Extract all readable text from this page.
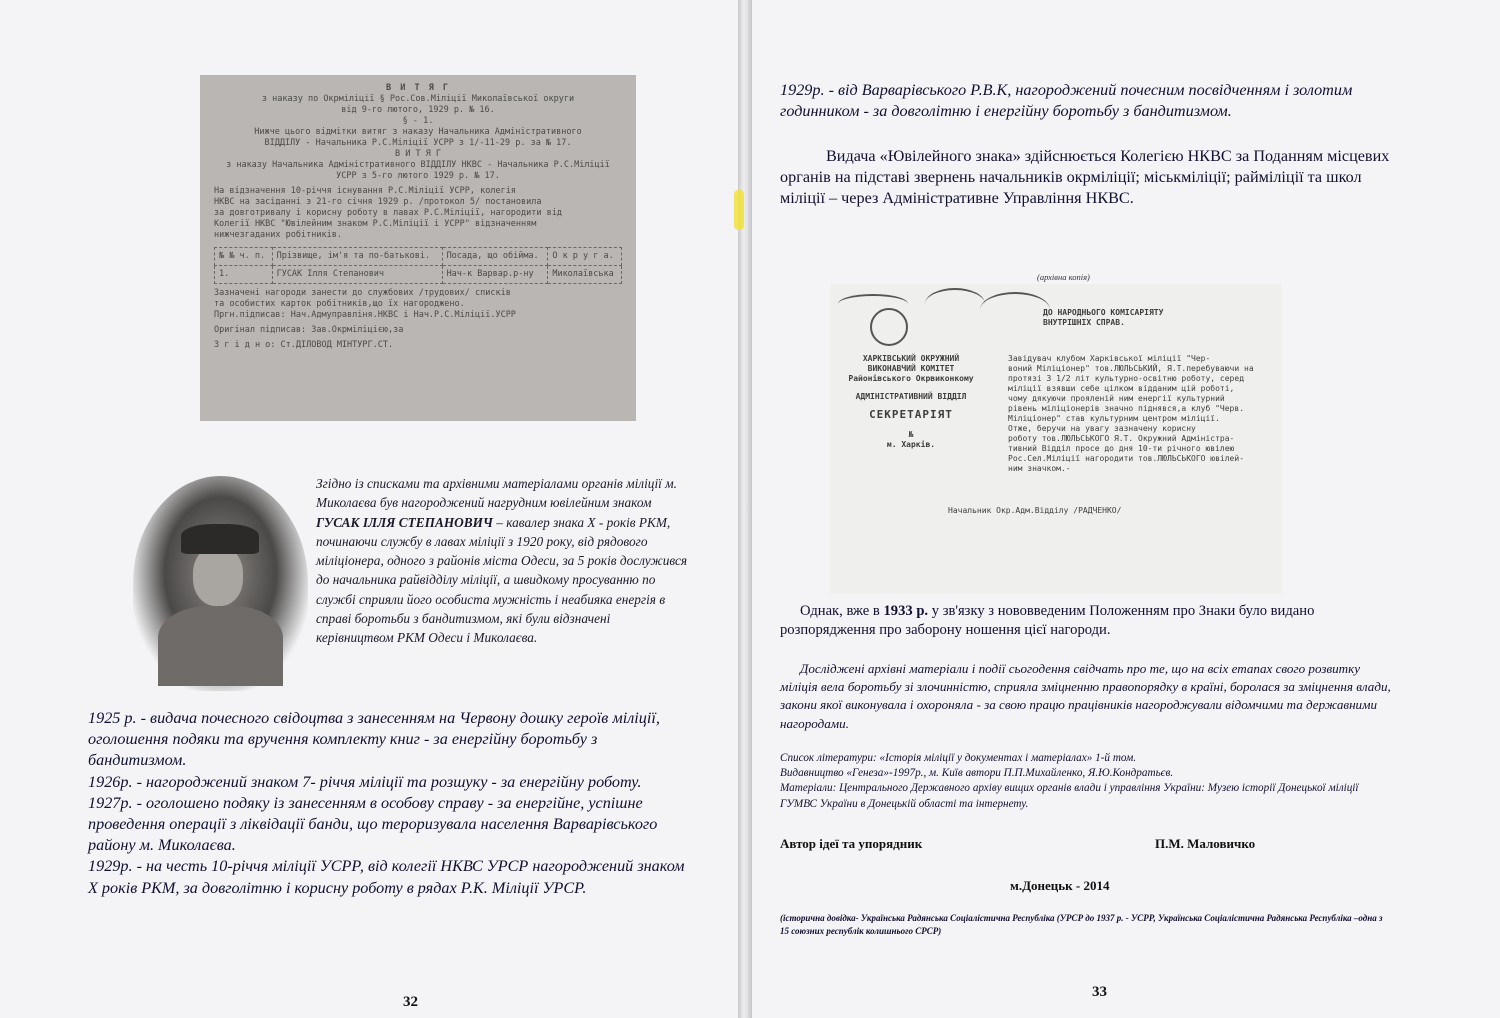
В И Т Я Г
з наказу по Окрміліції § Рос.Сов.Міліції Миколаївської округи
від 9-го лютого, 1929 р. № 16.
§ - 1.
Нижче цього відмітки витяг з наказу Начальника Адміністративного
ВІДДІЛУ - Начальника Р.С.Міліції УСРР з 1/-11-29 р. за № 17.
В И Т Я Г
з наказу Начальника Адміністративного ВІДДІЛУ НКВС - Начальника Р.С.Міліції
УСРР з 5-го лютого 1929 р. № 17.
На відзначення 10-річчя існування Р.С.Міліції УСРР, колегія
НКВС на засіданні з 21-го січня 1929 р. /протокол 5/ постановила
за довготривалу і корисну роботу в лавах Р.С.Міліції, нагородити від
Колегії НКВС "Ювілейним знаком Р.С.Міліції і УСРР" відзначенням
нижчезгаданих робітників.
№ № ч. п.	Прізвище, ім'я та по-батькові.	Посада, що обійма.	О к р у г а.
1.	ГУСАК Ілля Степанович	Нач-к Варвар.р-ну	Миколаївська
Зазначені нагороди занести до службових /трудових/ списків
та особистих карток робітників,що їх нагороджено.
Пргн.підписав: Нач.Адмуправліня.НКВС і Нач.Р.С.Міліції.УСРР
Оригінал підписав: Зав.Окрміліцією,за
З г і д н о: Ст.ДІЛОВОД МІНТУРГ.СТ.
Згідно із списками та архівними матеріалами органів міліції м. Миколаєва був нагороджений нагрудним ювілейним знаком ГУСАК ІЛЛЯ СТЕПАНОВИЧ – кавалер знака Х - років РКМ, починаючи службу в лавах міліції з 1920 року, від рядового міліціонера, одного з районів міста Одеси, за 5 років дослужився до начальника райвідділу міліції, а швидкому просуванню по службі сприяли його особиста мужність і неабияка енергія в справі боротьби з бандитизмом, які були відзначені керівництвом РКМ Одеси і Миколаєва.

1925 р. - видача почесного свідоцтва з занесенням на Червону дошку героїв міліції, оголошення подяки та вручення комплекту книг - за енергійну боротьбу з бандитизмом.

1926р. - нагороджений знаком 7- річчя міліції та розшуку - за енергійну роботу.

1927р. - оголошено подяку із занесенням в особову справу - за енергійне, успішне проведення операції з ліквідації банди, що тероризувала населення Варварівського району м. Миколаєва.

1929р. - на честь 10-річчя міліції УСРР, від колегії НКВС УРСР нагороджений знаком Х років РКМ, за довголітню і корисну роботу в рядах Р.К. Міліції УРСР.

32

1929р. - від Варварівського Р.В.К, нагороджений почесним посвідченням і золотим годинником - за довголітню і енергійну боротьбу з бандитизмом.

Видача «Ювілейного знака» здійснюється Колегією НКВС за Поданням місцевих органів на підставі звернень начальників окрміліції; міськміліції; райміліції та школ міліції – через Адміністративне Управління НКВС.

(архівна копія)
ДО НАРОДНЬОГО КОМІСАРІЯТУ
ВНУТРІШНІХ СПРАВ.
ХАРКІВСЬКИЙ ОКРУЖНИЙ
ВИКОНАВЧИЙ КОМІТЕТ
Районівського Окрвиконкому
АДМІНІСТРАТИВНИЙ ВІДДІЛ
СЕКРЕТАРІЯТ
№
м. Харків.
Завідувач клубом Харківської міліції "Чер-
воний Міліціонер" тов.ЛЮЛЬСЬКИЙ, Я.Т.перебуваючи на
протязі 3 1/2 літ культурно-освітню роботу, серед
міліції взявши себе цілком відданим цій роботі,
чому дякуючи прояленій ним енергії культурний
рівень міліціонерів значно піднявся,а клуб "Черв.
Міліціонер" став культурним центром міліції.
Отже, беручи на увагу зазначену корисну
роботу тов.ЛЮЛЬСЬКОГО Я.Т. Окружний Адміністра-
тивний Відділ просе до дня 10-ти річного ювілею
Рос.Сел.Міліції нагородити тов.ЛЮЛЬСЬКОГО ювілей-
ним значком.-
Начальник Окр.Адм.Відділу /РАДЧЕНКО/

Однак, вже в 1933 р. у зв'язку з нововведеним Положенням про Знаки було видано розпорядження про заборону ношення цієї нагороди.

Досліджені архівні матеріали і події сьогодення свідчать про те, що на всіх етапах свого розвитку міліція вела боротьбу зі злочинністю, сприяла зміцненню правопорядку в країні, боролася за зміцнення влади, закони якої виконувала і охороняла - за свою працю працівників нагороджували відомчими та державними нагородами.

Список літератури: «Історія міліції у документах і матеріалах» 1-й том.

Видавництво «Генеза»-1997р., м. Київ автори П.П.Михайленко, Я.Ю.Кондратьєв.

Матеріали: Центрального Державного архіву вищих органів влади і управління України: Музею історії Донецької міліції ГУМВС України в Донецькій області та інтернету.

Автор ідеї та упорядник	П.М. Маловичко
м.Донецьк - 2014
(історична довідка- Українська Радянська Соціалістична Республіка (УРСР до 1937 р. - УСРР, Українська Соціалістична Радянська Республіка –одна з 15 союзних республік колишнього СРСР)
33
